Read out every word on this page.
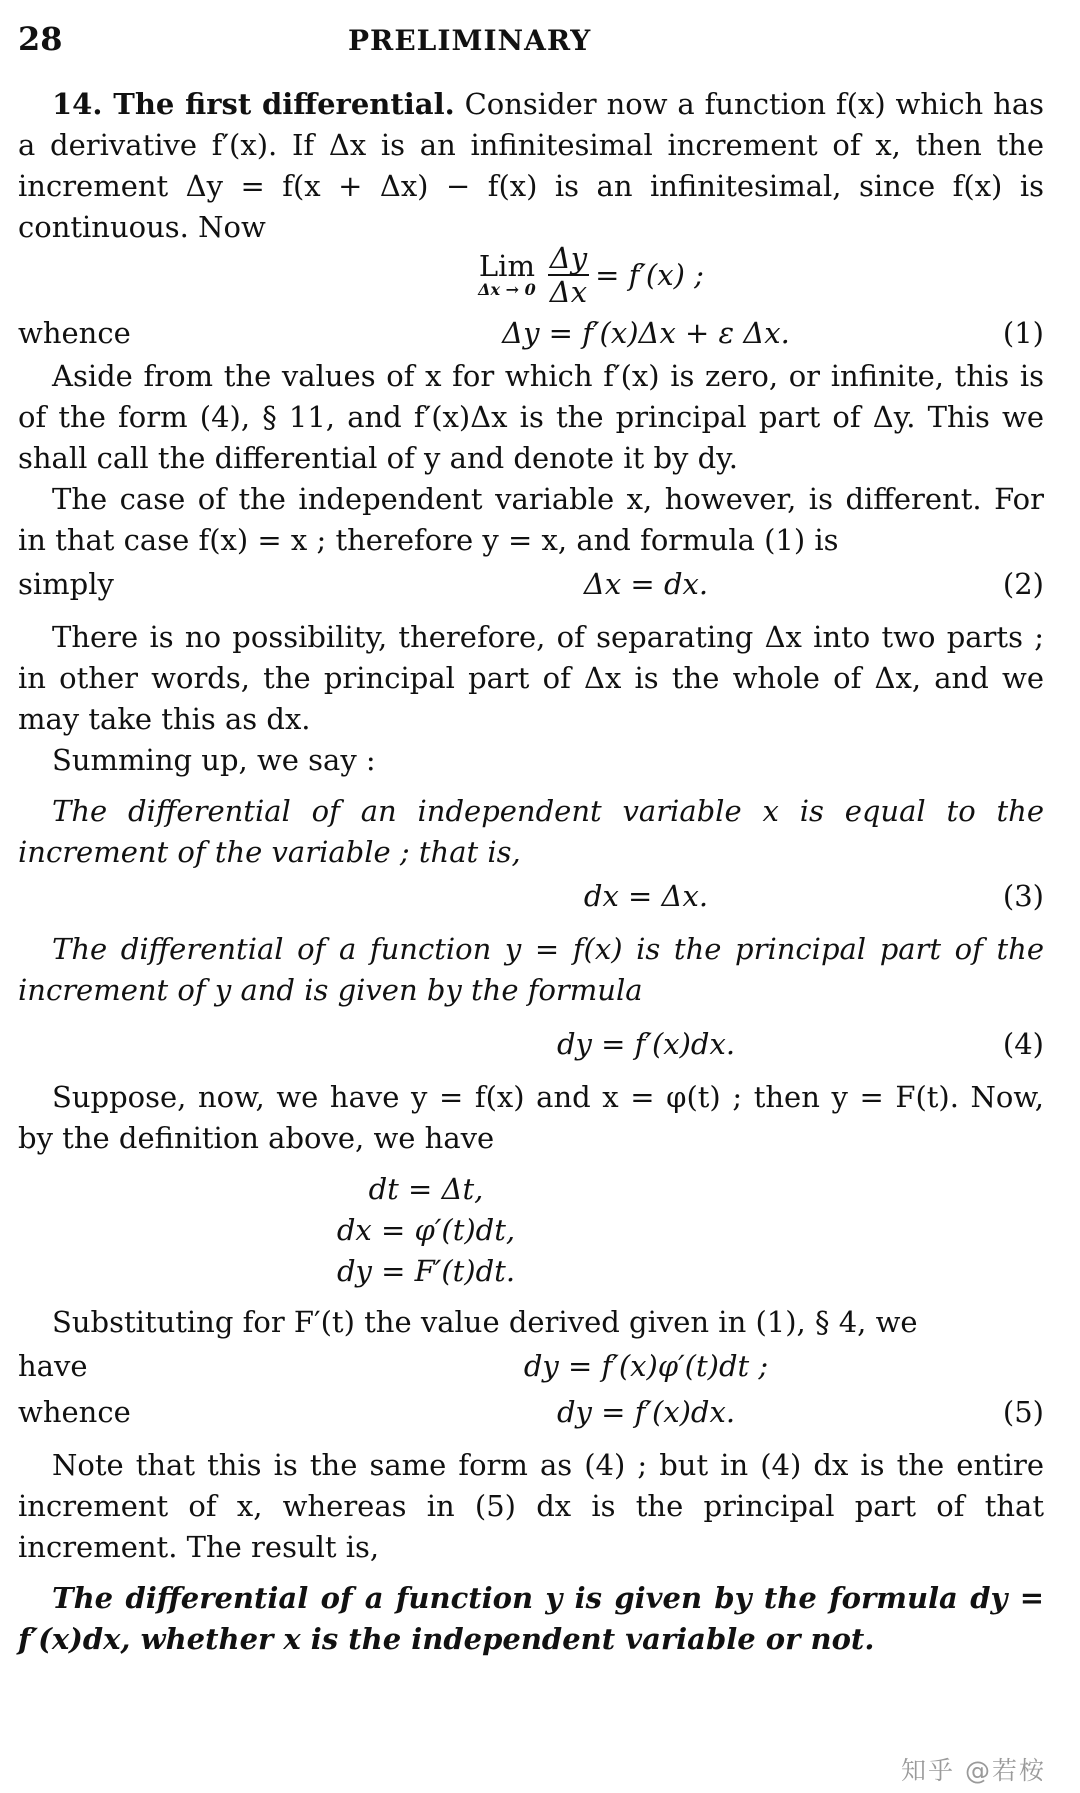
28	PRELIMINARY

14. The first differential. Consider now a function f(x) which has a derivative f′(x). If Δx is an infinitesimal increment of x, then the increment Δy = f(x + Δx) − f(x) is an infinitesimal, since f(x) is continuous. Now

Lim
$\Delta x \to 0 \frac{\Delta y}{\Delta x} = f'(x)$ ;
whence	Δy = f′(x)Δx + ε Δx.	(1)

Aside from the values of x for which f′(x) is zero, or infinite, this is of the form (4), § 11, and f′(x)Δx is the principal part of Δy. This we shall call the differential of y and denote it by dy.

The case of the independent variable x, however, is different. For in that case f(x) = x ; therefore y = x, and formula (1) is

simply	Δx = dx.	(2)

There is no possibility, therefore, of separating Δx into two parts ; in other words, the principal part of Δx is the whole of Δx, and we may take this as dx.

Summing up, we say :

The differential of an independent variable x is equal to the increment of the variable ; that is,

dx = Δx.	(3)

The differential of a function y = f(x) is the principal part of the increment of y and is given by the formula

dy = f′(x)dx.	(4)

Suppose, now, we have y = f(x) and x = φ(t) ; then y = F(t). Now, by the definition above, we have

dt = Δt,
dx = φ′(t)dt,
dy = F′(t)dt.

Substituting for F′(t) the value derived given in (1), § 4, we

have	dy = f′(x)φ′(t)dt ;
whence	dy = f′(x)dx.	(5)

Note that this is the same form as (4) ; but in (4) dx is the entire increment of x, whereas in (5) dx is the principal part of that increment. The result is,

The differential of a function y is given by the formula dy = f′(x)dx, whether x is the independent variable or not.

知乎 @若桉
